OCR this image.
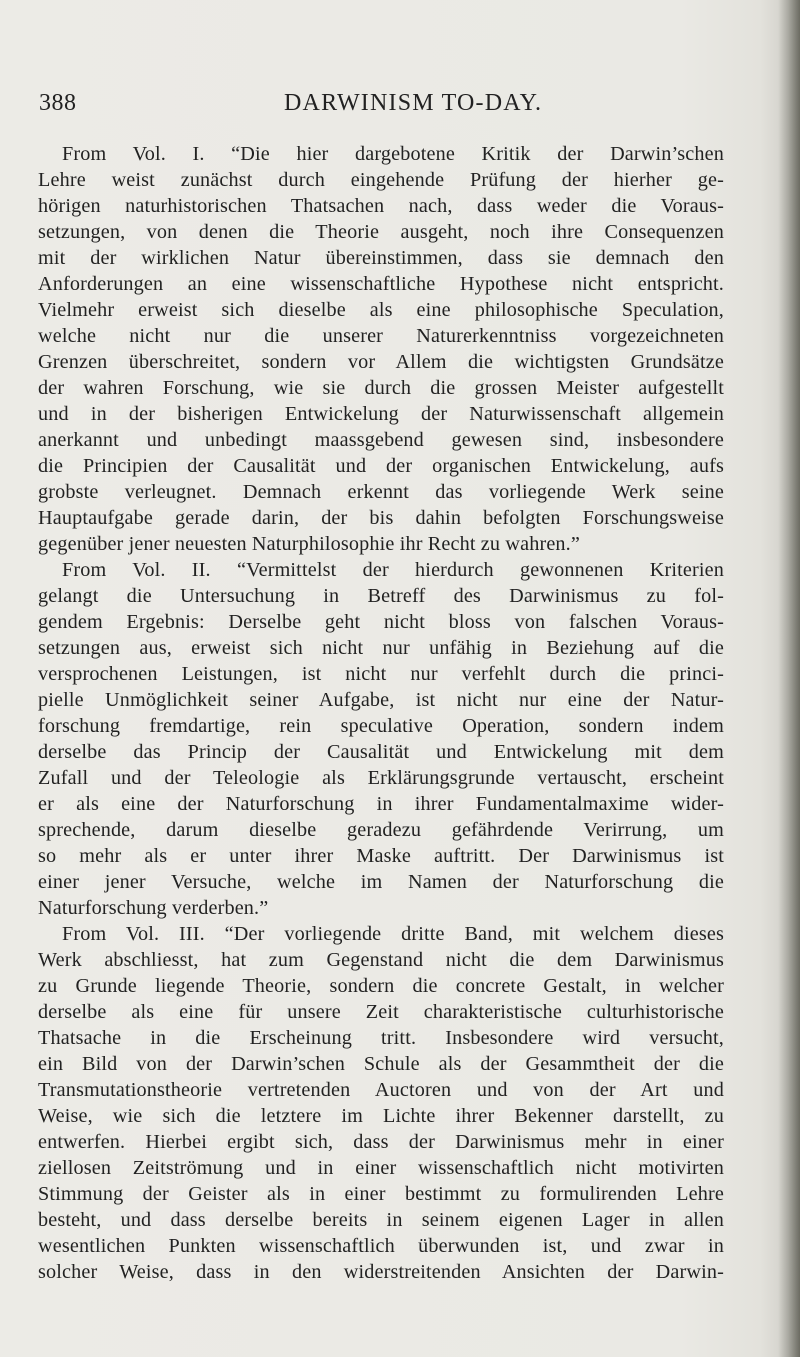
388	DARWINISM TO-DAY.
From Vol. I. “Die hier dargebotene Kritik der Darwin’schen
Lehre weist zunächst durch eingehende Prüfung der hierher ge-
hörigen naturhistorischen Thatsachen nach, dass weder die Voraus-
setzungen, von denen die Theorie ausgeht, noch ihre Consequenzen
mit der wirklichen Natur übereinstimmen, dass sie demnach den
Anforderungen an eine wissenschaftliche Hypothese nicht entspricht.
Vielmehr erweist sich dieselbe als eine philosophische Speculation,
welche nicht nur die unserer Naturerkenntniss vorgezeichneten
Grenzen überschreitet, sondern vor Allem die wichtigsten Grundsätze
der wahren Forschung, wie sie durch die grossen Meister aufgestellt
und in der bisherigen Entwickelung der Naturwissenschaft allgemein
anerkannt und unbedingt maassgebend gewesen sind, insbesondere
die Principien der Causalität und der organischen Entwickelung, aufs
grobste verleugnet. Demnach erkennt das vorliegende Werk seine
Hauptaufgabe gerade darin, der bis dahin befolgten Forschungsweise
gegenüber jener neuesten Naturphilosophie ihr Recht zu wahren.”
From Vol. II. “Vermittelst der hierdurch gewonnenen Kriterien
gelangt die Untersuchung in Betreff des Darwinismus zu fol-
gendem Ergebnis: Derselbe geht nicht bloss von falschen Voraus-
setzungen aus, erweist sich nicht nur unfähig in Beziehung auf die
versprochenen Leistungen, ist nicht nur verfehlt durch die princi-
pielle Unmöglichkeit seiner Aufgabe, ist nicht nur eine der Natur-
forschung fremdartige, rein speculative Operation, sondern indem
derselbe das Princip der Causalität und Entwickelung mit dem
Zufall und der Teleologie als Erklärungsgrunde vertauscht, erscheint
er als eine der Naturforschung in ihrer Fundamentalmaxime wider-
sprechende, darum dieselbe geradezu gefährdende Verirrung, um
so mehr als er unter ihrer Maske auftritt. Der Darwinismus ist
einer jener Versuche, welche im Namen der Naturforschung die
Naturforschung verderben.”
From Vol. III. “Der vorliegende dritte Band, mit welchem dieses
Werk abschliesst, hat zum Gegenstand nicht die dem Darwinismus
zu Grunde liegende Theorie, sondern die concrete Gestalt, in welcher
derselbe als eine für unsere Zeit charakteristische culturhistorische
Thatsache in die Erscheinung tritt. Insbesondere wird versucht,
ein Bild von der Darwin’schen Schule als der Gesammtheit der die
Transmutationstheorie vertretenden Auctoren und von der Art und
Weise, wie sich die letztere im Lichte ihrer Bekenner darstellt, zu
entwerfen. Hierbei ergibt sich, dass der Darwinismus mehr in einer
ziellosen Zeitströmung und in einer wissenschaftlich nicht motivirten
Stimmung der Geister als in einer bestimmt zu formulirenden Lehre
besteht, und dass derselbe bereits in seinem eigenen Lager in allen
wesentlichen Punkten wissenschaftlich überwunden ist, und zwar in
solcher Weise, dass in den widerstreitenden Ansichten der Darwin-
